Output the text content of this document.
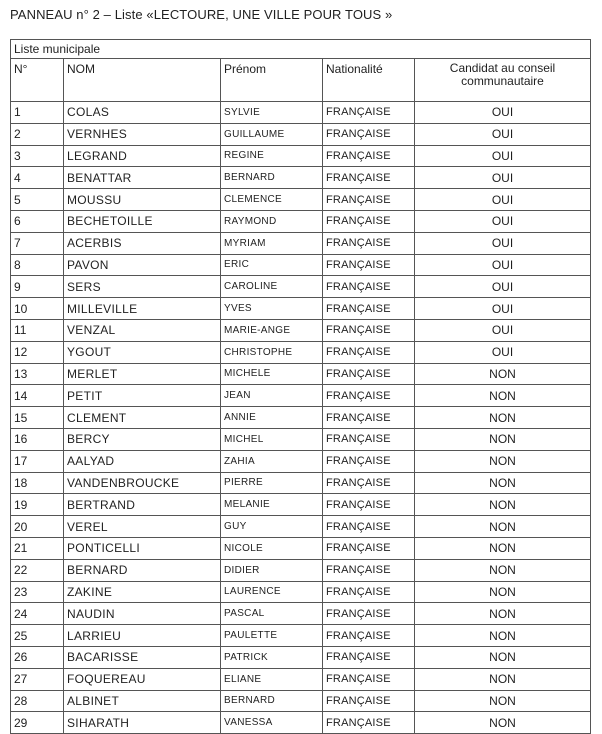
PANNEAU n° 2 – Liste «LECTOURE, UNE VILLE POUR TOUS »
Liste municipale				
N°	NOM	Prénom	Nationalité	Candidat au conseil communautaire
1	COLAS	SYLVIE	FRANÇAISE	OUI
2	VERNHES	GUILLAUME	FRANÇAISE	OUI
3	LEGRAND	REGINE	FRANÇAISE	OUI
4	BENATTAR	BERNARD	FRANÇAISE	OUI
5	MOUSSU	CLEMENCE	FRANÇAISE	OUI
6	BECHETOILLE	RAYMOND	FRANÇAISE	OUI
7	ACERBIS	MYRIAM	FRANÇAISE	OUI
8	PAVON	ERIC	FRANÇAISE	OUI
9	SERS	CAROLINE	FRANÇAISE	OUI
10	MILLEVILLE	YVES	FRANÇAISE	OUI
11	VENZAL	MARIE-ANGE	FRANÇAISE	OUI
12	YGOUT	CHRISTOPHE	FRANÇAISE	OUI
13	MERLET	MICHELE	FRANÇAISE	NON
14	PETIT	JEAN	FRANÇAISE	NON
15	CLEMENT	ANNIE	FRANÇAISE	NON
16	BERCY	MICHEL	FRANÇAISE	NON
17	AALYAD	ZAHIA	FRANÇAISE	NON
18	VANDENBROUCKE	PIERRE	FRANÇAISE	NON
19	BERTRAND	MELANIE	FRANÇAISE	NON
20	VEREL	GUY	FRANÇAISE	NON
21	PONTICELLI	NICOLE	FRANÇAISE	NON
22	BERNARD	DIDIER	FRANÇAISE	NON
23	ZAKINE	LAURENCE	FRANÇAISE	NON
24	NAUDIN	PASCAL	FRANÇAISE	NON
25	LARRIEU	PAULETTE	FRANÇAISE	NON
26	BACARISSE	PATRICK	FRANÇAISE	NON
27	FOQUEREAU	ELIANE	FRANÇAISE	NON
28	ALBINET	BERNARD	FRANÇAISE	NON
29	SIHARATH	VANESSA	FRANÇAISE	NON
